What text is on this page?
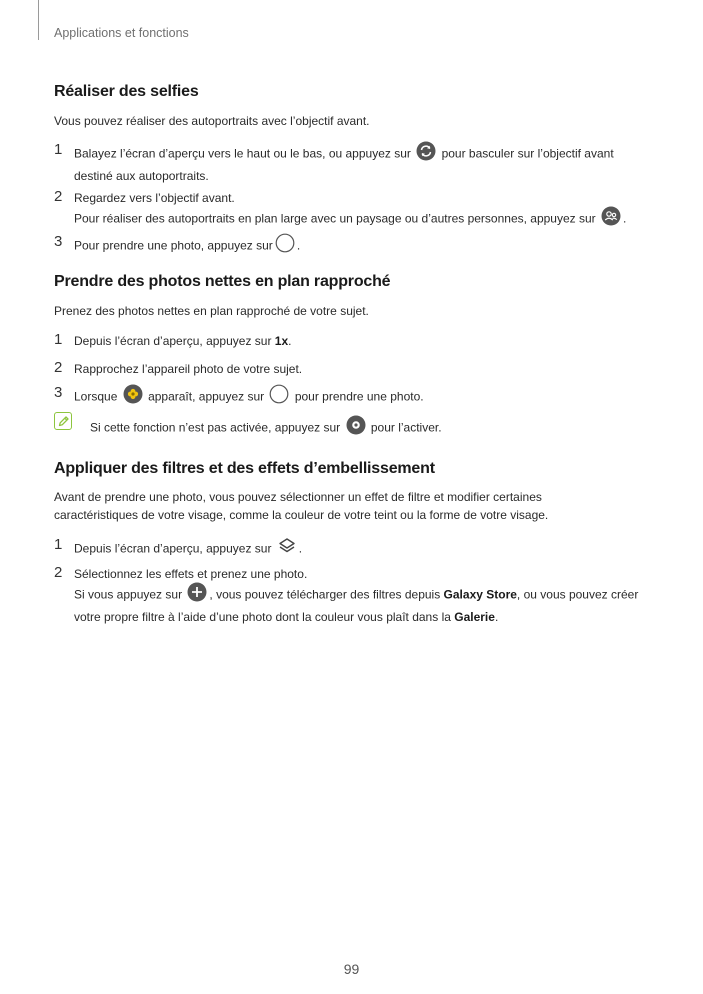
Applications et fonctions
Réaliser des selfies
Vous pouvez réaliser des autoportraits avec l’objectif avant.
1 Balayez l’écran d’aperçu vers le haut ou le bas, ou appuyez sur	pour basculer sur l’objectif avant
destiné aux autoportraits.
2 Regardez vers l’objectif avant.
Pour réaliser des autoportraits en plan large avec un paysage ou d’autres personnes, appuyez sur .
3 Pour prendre une photo, appuyez sur .
Prendre des photos nettes en plan rapproché
Prenez des photos nettes en plan rapproché de votre sujet.
1 Depuis l’écran d’aperçu, appuyez sur 1x.
2 Rapprochez l’appareil photo de votre sujet.
3 Lorsque	apparaît, appuyez sur	pour prendre une photo.
Si cette fonction n’est pas activée, appuyez sur	pour l’activer.
Appliquer des filtres et des effets d’embellissement
Avant de prendre une photo, vous pouvez sélectionner un effet de filtre et modifier certaines
caractéristiques de votre visage, comme la couleur de votre teint ou la forme de votre visage.
1 Depuis l’écran d’aperçu, appuyez sur .
2 Sélectionnez les effets et prenez une photo.
Si vous appuyez sur , vous pouvez télécharger des filtres depuis Galaxy Store, ou vous pouvez créer
votre propre filtre à l’aide d’une photo dont la couleur vous plaît dans la Galerie.
99
